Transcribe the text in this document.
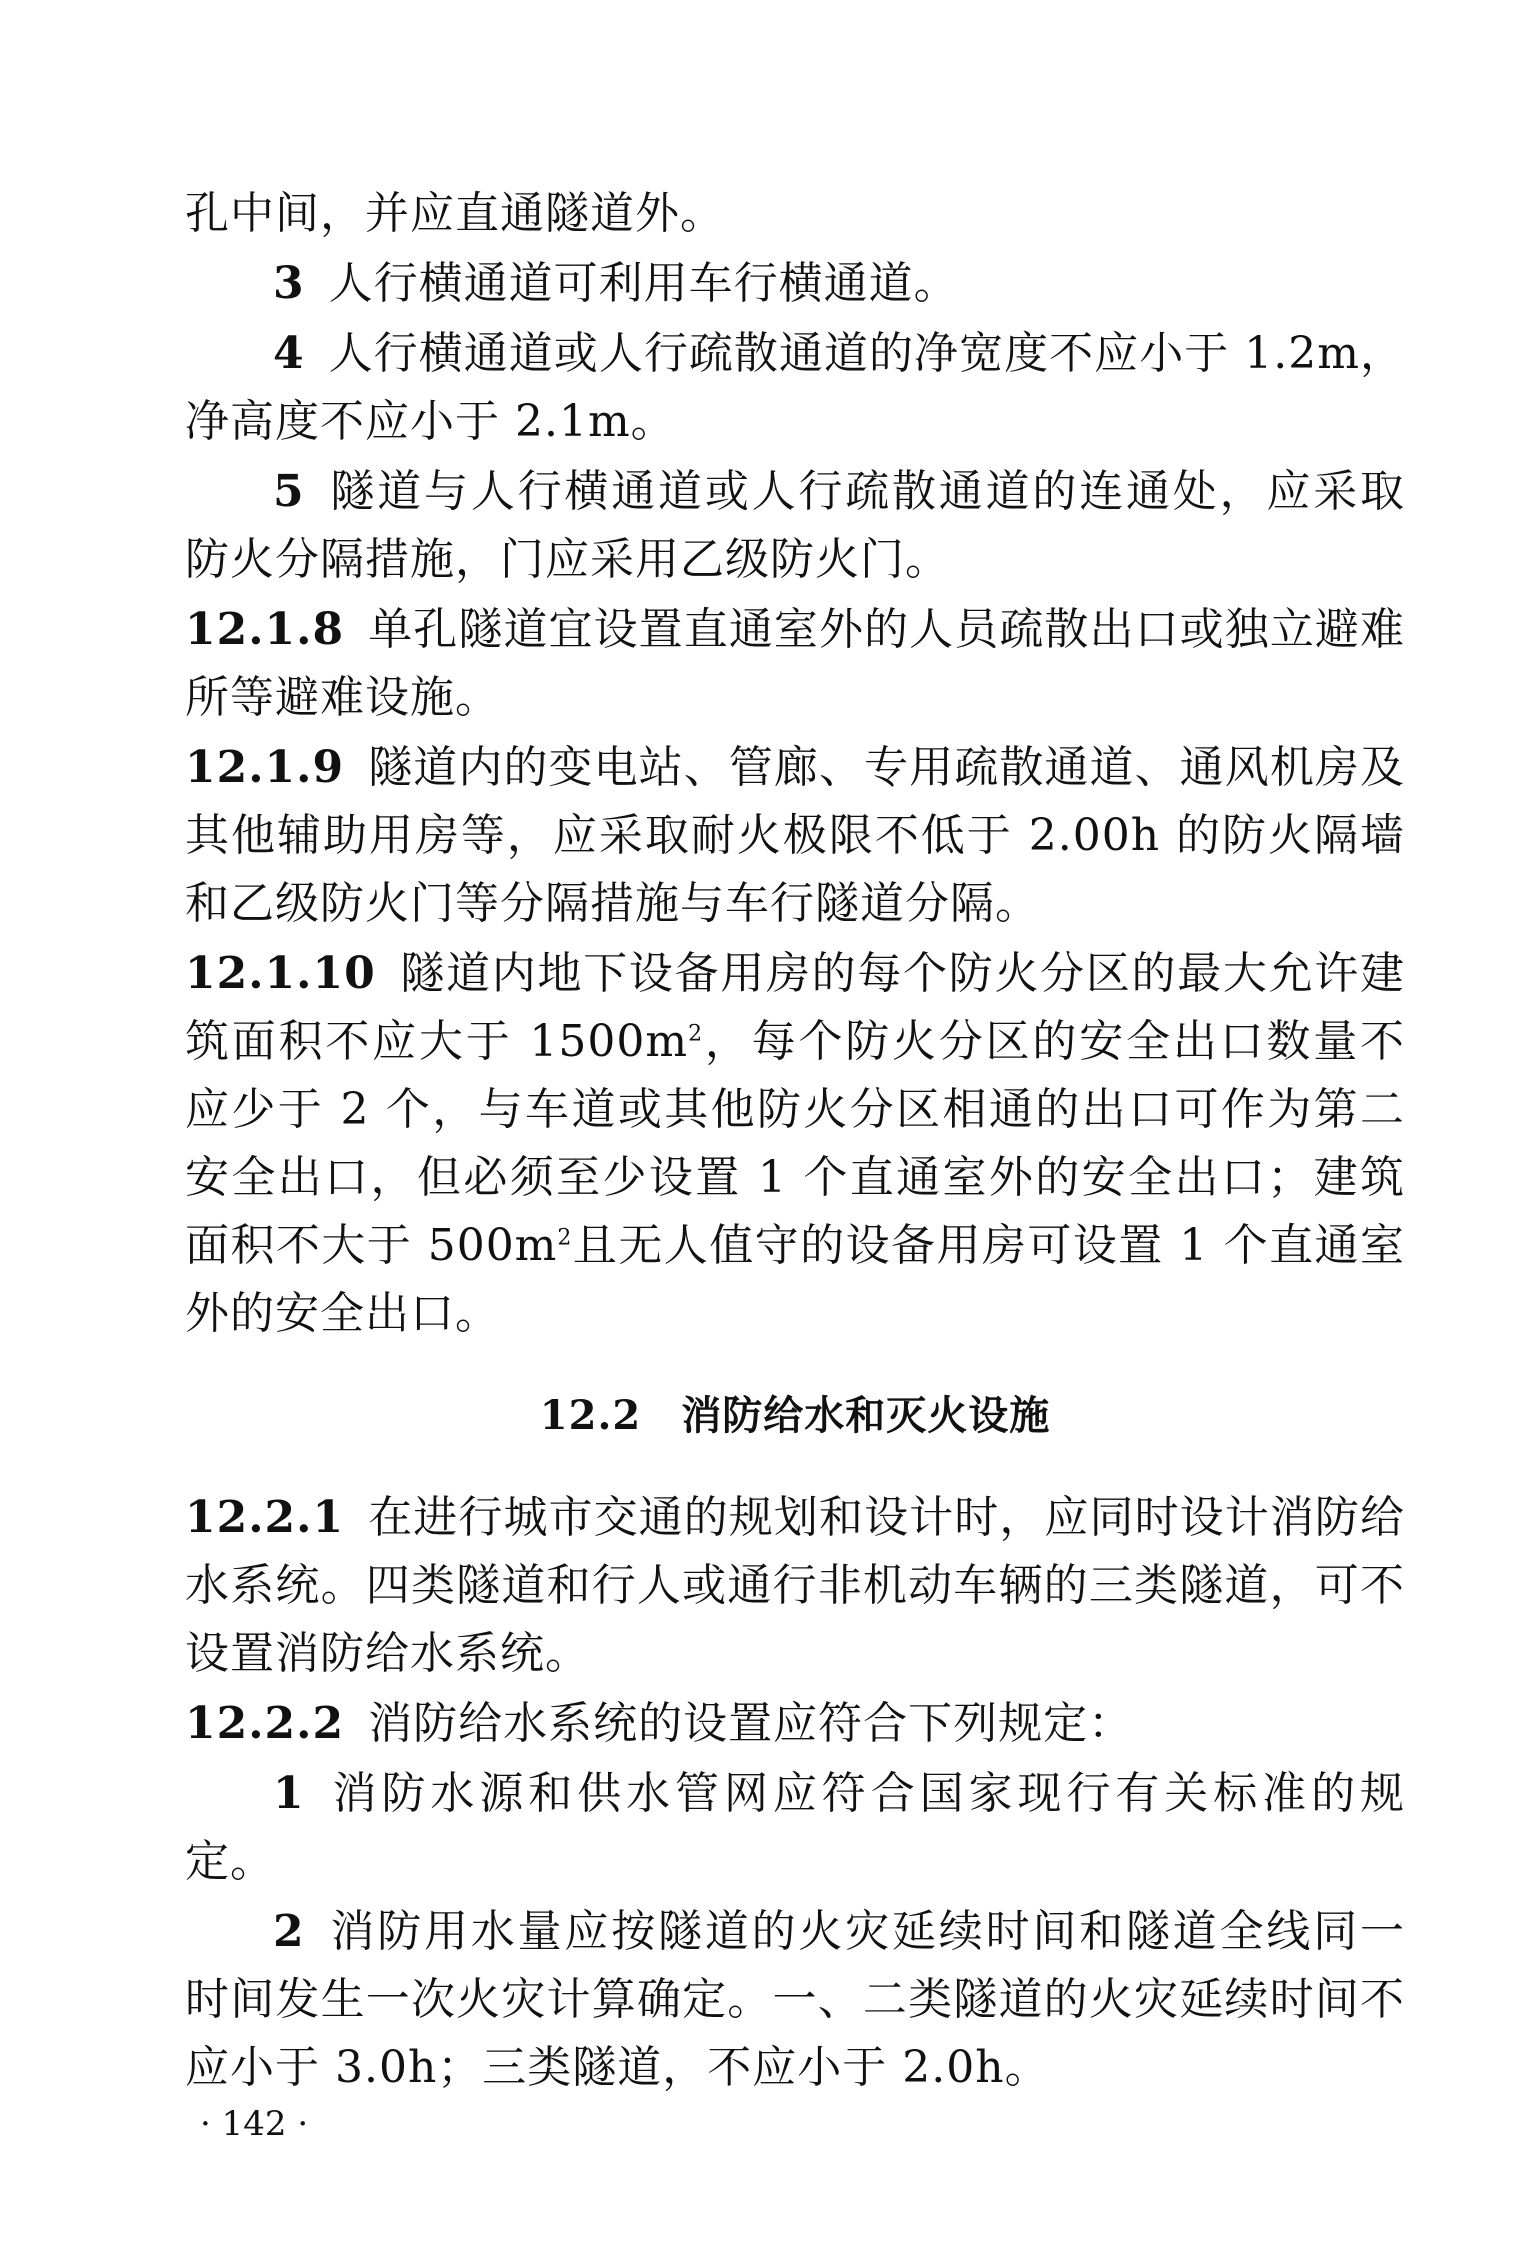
孔中间，并应直通隧道外。

3 人行横通道可利用车行横通道。

4 人行横通道或人行疏散通道的净宽度不应小于 1.2m，净高度不应小于 2.1m。

5 隧道与人行横通道或人行疏散通道的连通处，应采取防火分隔措施，门应采用乙级防火门。

12.1.8 单孔隧道宜设置直通室外的人员疏散出口或独立避难所等避难设施。

12.1.9 隧道内的变电站、管廊、专用疏散通道、通风机房及其他辅助用房等，应采取耐火极限不低于 2.00h 的防火隔墙和乙级防火门等分隔措施与车行隧道分隔。

12.1.10 隧道内地下设备用房的每个防火分区的最大允许建筑面积不应大于 $1500m^2$，每个防火分区的安全出口数量不应少于 2 个，与车道或其他防火分区相通的出口可作为第二安全出口，但必须至少设置 1 个直通室外的安全出口；建筑面积不大于 $500m^2$且无人值守的设备用房可设置 1 个直通室外的安全出口。

12.2 消防给水和灭火设施

12.2.1 在进行城市交通的规划和设计时，应同时设计消防给水系统。四类隧道和行人或通行非机动车辆的三类隧道，可不设置消防给水系统。

12.2.2 消防给水系统的设置应符合下列规定：

1 消防水源和供水管网应符合国家现行有关标准的规定。

2 消防用水量应按隧道的火灾延续时间和隧道全线同一时间发生一次火灾计算确定。一、二类隧道的火灾延续时间不应小于 3.0h；三类隧道，不应小于 2.0h。

· 142 ·
